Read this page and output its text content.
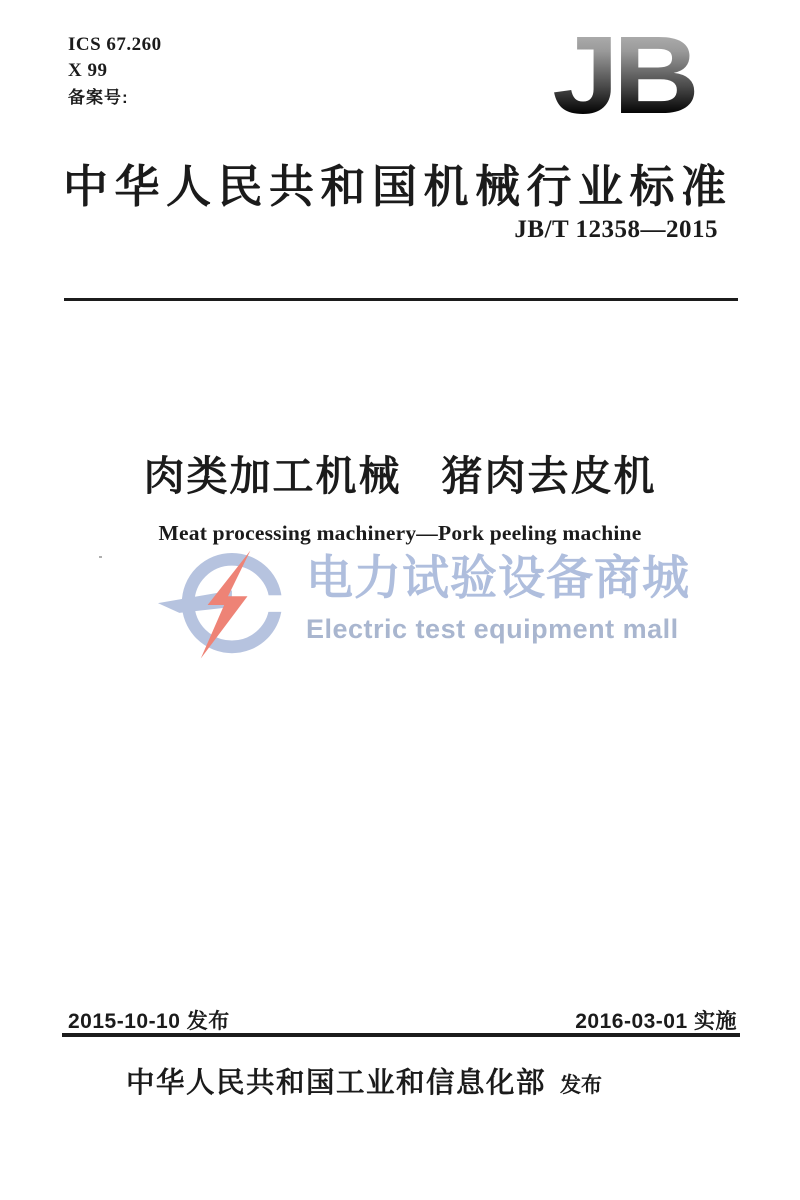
ICS 67.260
X 99
备案号:	JB
中华人民共和国机械行业标准
JB/T 12358—2015
肉类加工机械 猪肉去皮机
Meat processing machinery—Pork peeling machine
电力试验设备商城
Electric test equipment mall
2015-10-10 发布	2016-03-01 实施
中华人民共和国工业和信息化部 发布
